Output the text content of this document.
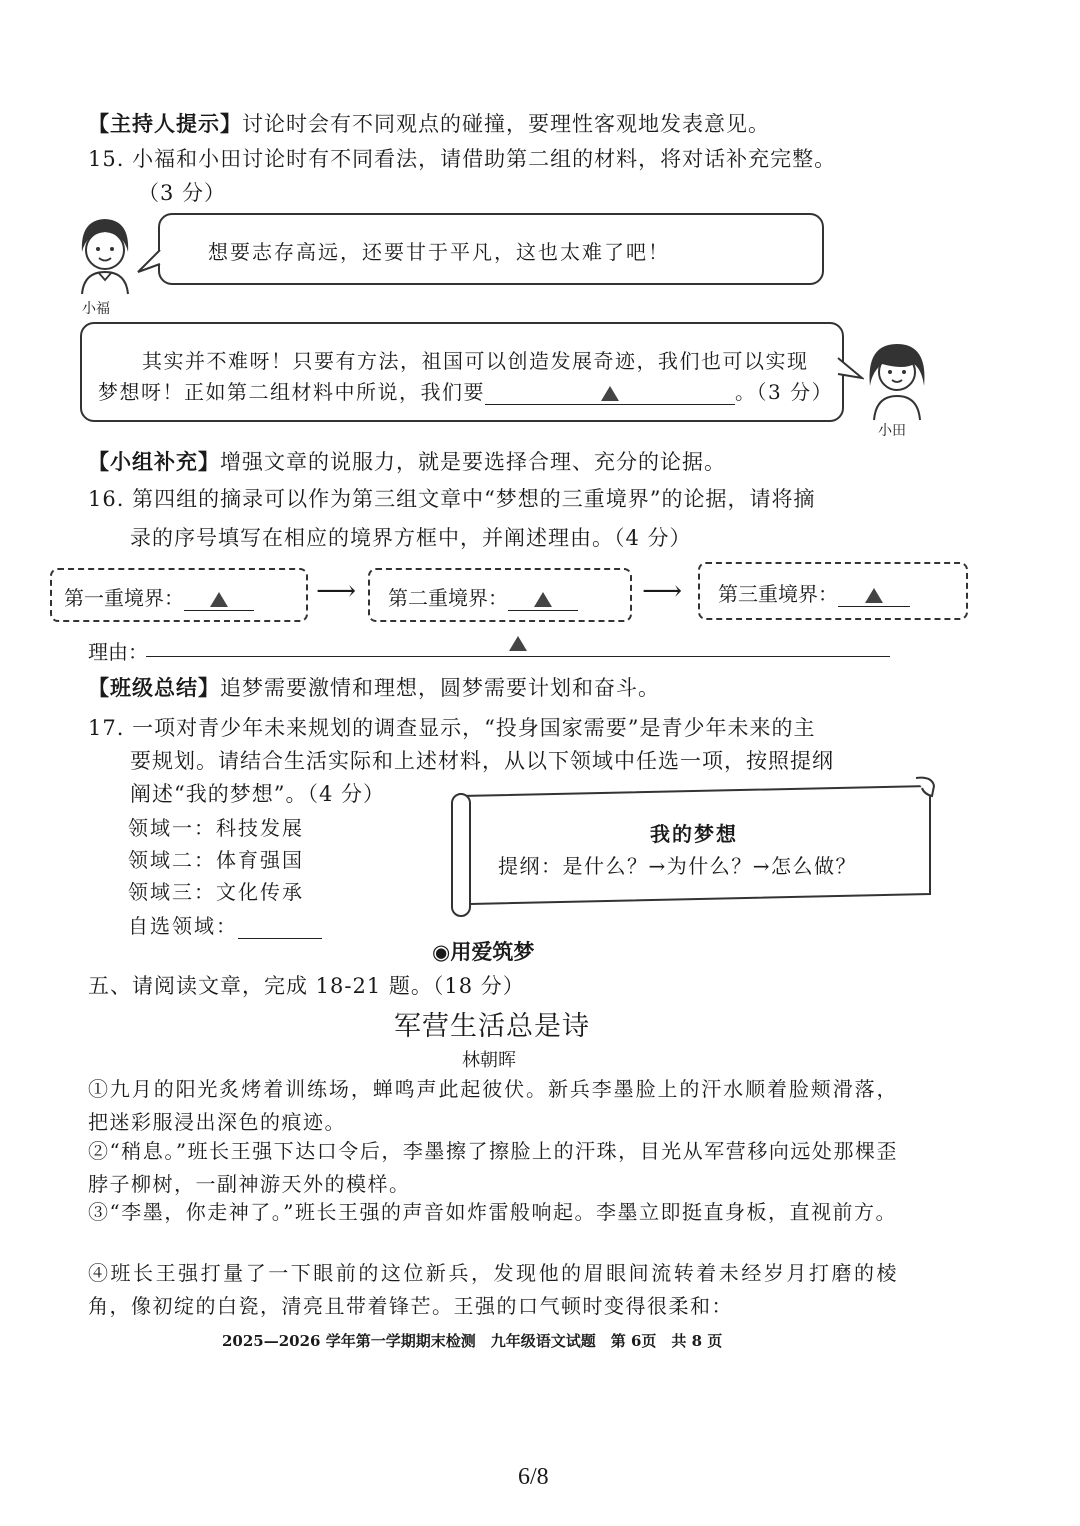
【主持人提示】讨论时会有不同观点的碰撞，要理性客观地发表意见。
15. 小福和小田讨论时有不同看法，请借助第二组的材料，将对话补充完整。
（3 分）
小福
想要志存高远，还要甘于平凡，这也太难了吧！
其实并不难呀！只要有方法，祖国可以创造发展奇迹，我们也可以实现
梦想呀！正如第二组材料中所说，我们要	。（3 分）
小田
【小组补充】增强文章的说服力，就是要选择合理、充分的论据。
16. 第四组的摘录可以作为第三组文章中“梦想的三重境界”的论据，请将摘
录的序号填写在相应的境界方框中，并阐述理由。（4 分）
第一重境界：	⟶ 第二重境界：	⟶ 第三重境界：
理由：
【班级总结】追梦需要激情和理想，圆梦需要计划和奋斗。
17. 一项对青少年未来规划的调查显示，“投身国家需要”是青少年未来的主
要规划。请结合生活实际和上述材料，从以下领域中任选一项，按照提纲
阐述“我的梦想”。（4 分）
领域一：科技发展
领域二：体育强国
领域三：文化传承
自选领域：
我的梦想
提纲：是什么？→为什么？→怎么做？
◉用爱筑梦
五、请阅读文章，完成 18-21 题。（18 分）
军营生活总是诗
林朝晖
①九月的阳光炙烤着训练场，蝉鸣声此起彼伏。新兵李墨脸上的汗水顺着脸颊滑落，把迷彩服浸出深色的痕迹。
②“稍息。”班长王强下达口令后，李墨擦了擦脸上的汗珠，目光从军营移向远处那棵歪脖子柳树，一副神游天外的模样。
③“李墨，你走神了。”班长王强的声音如炸雷般响起。李墨立即挺直身板，直视前方。
④班长王强打量了一下眼前的这位新兵，发现他的眉眼间流转着未经岁月打磨的棱角，像初绽的白瓷，清亮且带着锋芒。王强的口气顿时变得很柔和：
2025—2026 学年第一学期期末检测　九年级语文试题　第 6页　共 8 页
6/8
